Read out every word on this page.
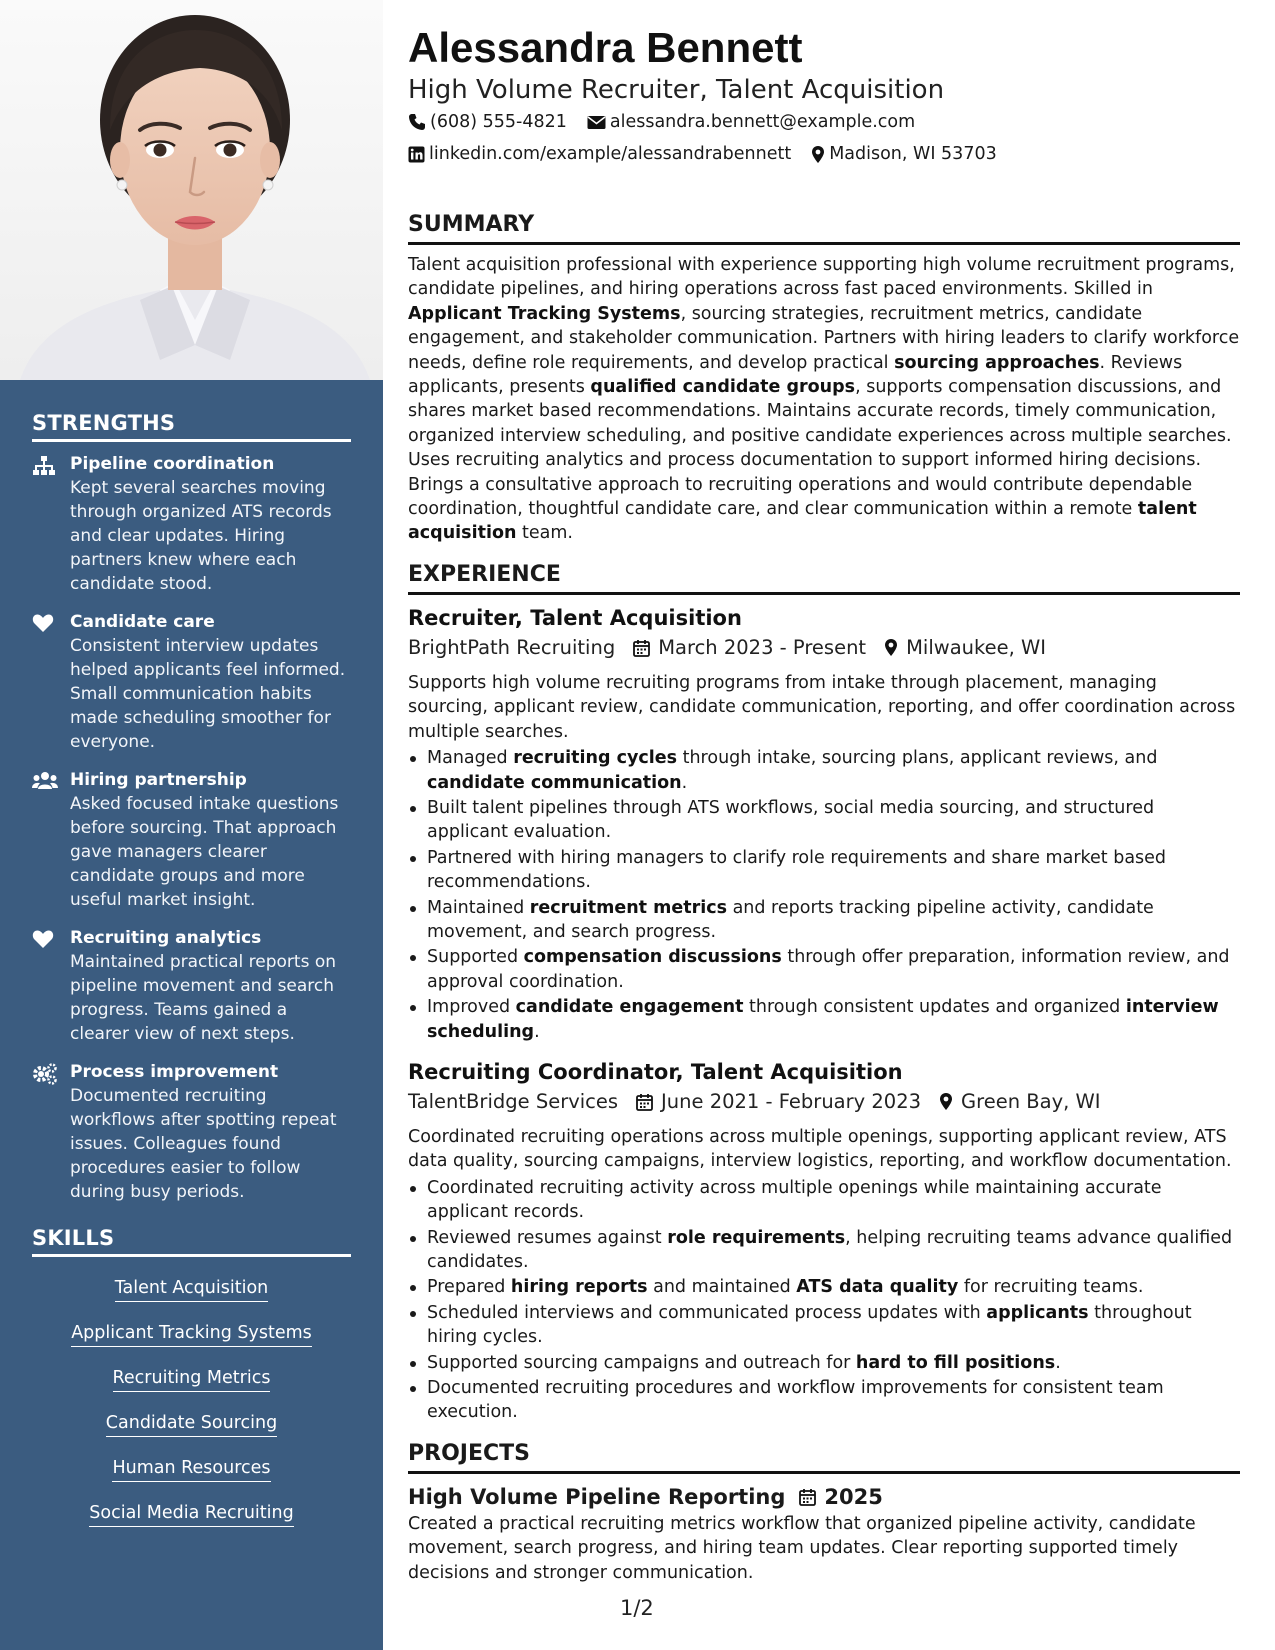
STRENGTHS
Pipeline coordination
Kept several searches moving through organized ATS records and clear updates. Hiring partners knew where each candidate stood.
Candidate care
Consistent interview updates helped applicants feel informed. Small communication habits made scheduling smoother for everyone.
Hiring partnership
Asked focused intake questions before sourcing. That approach gave managers clearer candidate groups and more useful market insight.
Recruiting analytics
Maintained practical reports on pipeline movement and search progress. Teams gained a clearer view of next steps.
Process improvement
Documented recruiting workflows after spotting repeat issues. Colleagues found procedures easier to follow during busy periods.
SKILLS
Talent Acquisition
Applicant Tracking Systems
Recruiting Metrics
Candidate Sourcing
Human Resources
Social Media Recruiting
Alessandra Bennett
High Volume Recruiter, Talent Acquisition
(608) 555-4821 alessandra.bennett@example.com
linkedin.com/example/alessandrabennett Madison, WI 53703
SUMMARY
Talent acquisition professional with experience supporting high volume recruitment programs, candidate pipelines, and hiring operations across fast paced environments. Skilled in Applicant Tracking Systems, sourcing strategies, recruitment metrics, candidate engagement, and stakeholder communication. Partners with hiring leaders to clarify workforce needs, define role requirements, and develop practical sourcing approaches. Reviews applicants, presents qualified candidate groups, supports compensation discussions, and shares market based recommendations. Maintains accurate records, timely communication, organized interview scheduling, and positive candidate experiences across multiple searches. Uses recruiting analytics and process documentation to support informed hiring decisions. Brings a consultative approach to recruiting operations and would contribute dependable coordination, thoughtful candidate care, and clear communication within a remote talent acquisition team.
EXPERIENCE
Recruiter, Talent Acquisition
BrightPath Recruiting March 2023 - Present Milwaukee, WI
Supports high volume recruiting programs from intake through placement, managing sourcing, applicant review, candidate communication, reporting, and offer coordination across multiple searches.
Managed recruiting cycles through intake, sourcing plans, applicant reviews, and candidate communication.
Built talent pipelines through ATS workflows, social media sourcing, and structured applicant evaluation.
Partnered with hiring managers to clarify role requirements and share market based recommendations.
Maintained recruitment metrics and reports tracking pipeline activity, candidate movement, and search progress.
Supported compensation discussions through offer preparation, information review, and approval coordination.
Improved candidate engagement through consistent updates and organized interview scheduling.
Recruiting Coordinator, Talent Acquisition
TalentBridge Services June 2021 - February 2023 Green Bay, WI
Coordinated recruiting operations across multiple openings, supporting applicant review, ATS data quality, sourcing campaigns, interview logistics, reporting, and workflow documentation.
Coordinated recruiting activity across multiple openings while maintaining accurate applicant records.
Reviewed resumes against role requirements, helping recruiting teams advance qualified candidates.
Prepared hiring reports and maintained ATS data quality for recruiting teams.
Scheduled interviews and communicated process updates with applicants throughout hiring cycles.
Supported sourcing campaigns and outreach for hard to fill positions.
Documented recruiting procedures and workflow improvements for consistent team execution.
PROJECTS
High Volume Pipeline Reporting 2025
Created a practical recruiting metrics workflow that organized pipeline activity, candidate movement, search progress, and hiring team updates. Clear reporting supported timely decisions and stronger communication.
1/2
